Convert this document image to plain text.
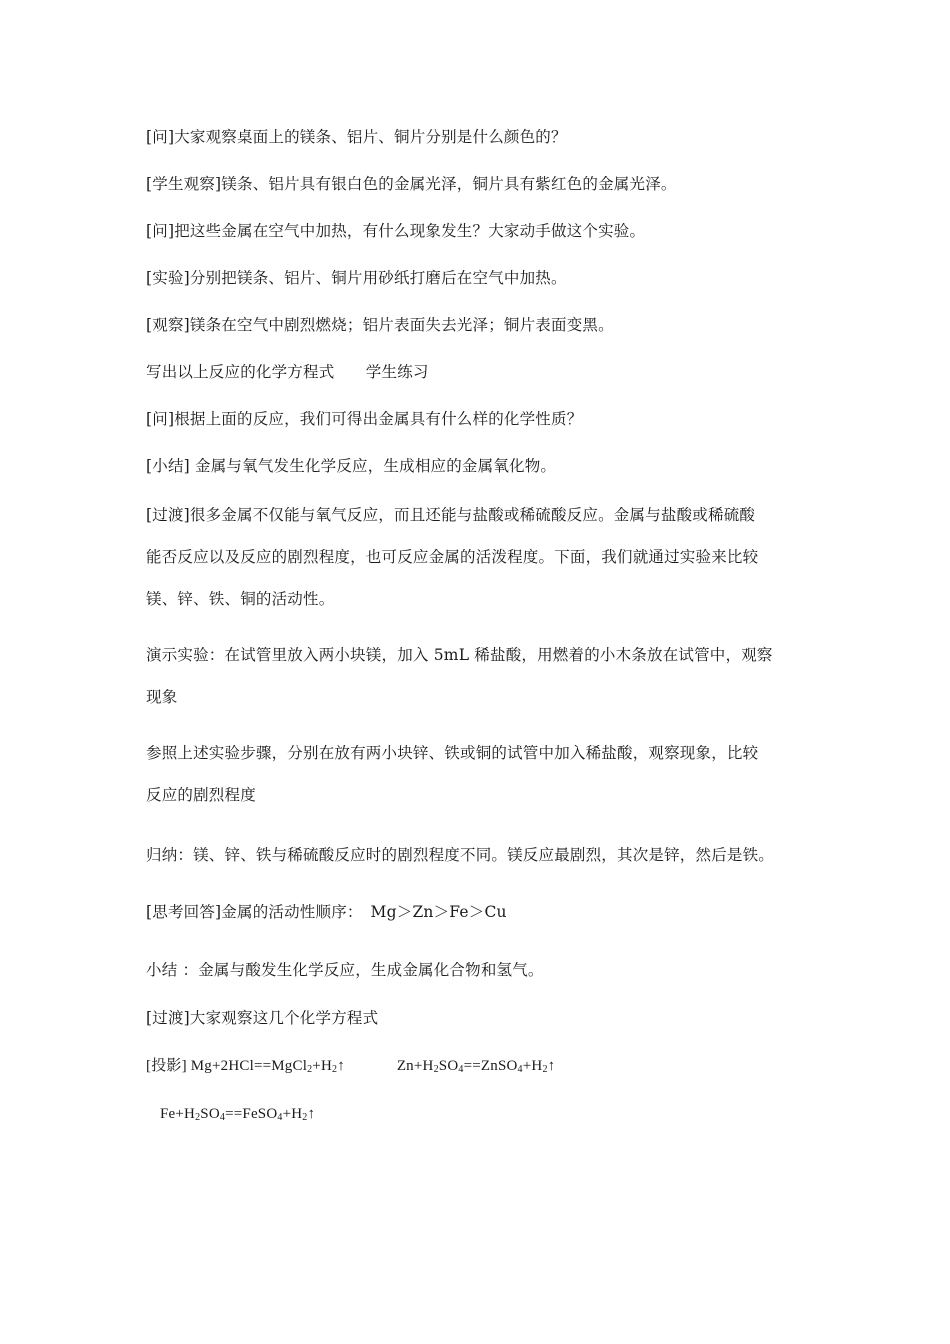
[问]大家观察桌面上的镁条、铝片、铜片分别是什么颜色的？
[学生观察]镁条、铝片具有银白色的金属光泽，铜片具有紫红色的金属光泽。
[问]把这些金属在空气中加热，有什么现象发生？大家动手做这个实验。
[实验]分别把镁条、铝片、铜片用砂纸打磨后在空气中加热。
[观察]镁条在空气中剧烈燃烧；铝片表面失去光泽；铜片表面变黑。
写出以上反应的化学方程式　　学生练习
[问]根据上面的反应，我们可得出金属具有什么样的化学性质？
[小结] 金属与氧气发生化学反应，生成相应的金属氧化物。
[过渡]很多金属不仅能与氧气反应，而且还能与盐酸或稀硫酸反应。金属与盐酸或稀硫酸
能否反应以及反应的剧烈程度，也可反应金属的活泼程度。下面，我们就通过实验来比较
镁、锌、铁、铜的活动性。
演示实验：在试管里放入两小块镁，加入 5mL 稀盐酸，用燃着的小木条放在试管中，观察
现象
参照上述实验步骤，分别在放有两小块锌、铁或铜的试管中加入稀盐酸，观察现象，比较
反应的剧烈程度
归纳：镁、锌、铁与稀硫酸反应时的剧烈程度不同。镁反应最剧烈，其次是锌，然后是铁。
[思考回答]金属的活动性顺序：　Mg＞Zn＞Fe＞Cu
小结 ：金属与酸发生化学反应，生成金属化合物和氢气。
[过渡]大家观察这几个化学方程式
[投影] $Mg+2HCl==MgCl_2+H_2↑$	$Zn+H_2SO_4==ZnSO_4+H_2↑$
$Fe+H_2SO_4==FeSO_4+H_2↑$
